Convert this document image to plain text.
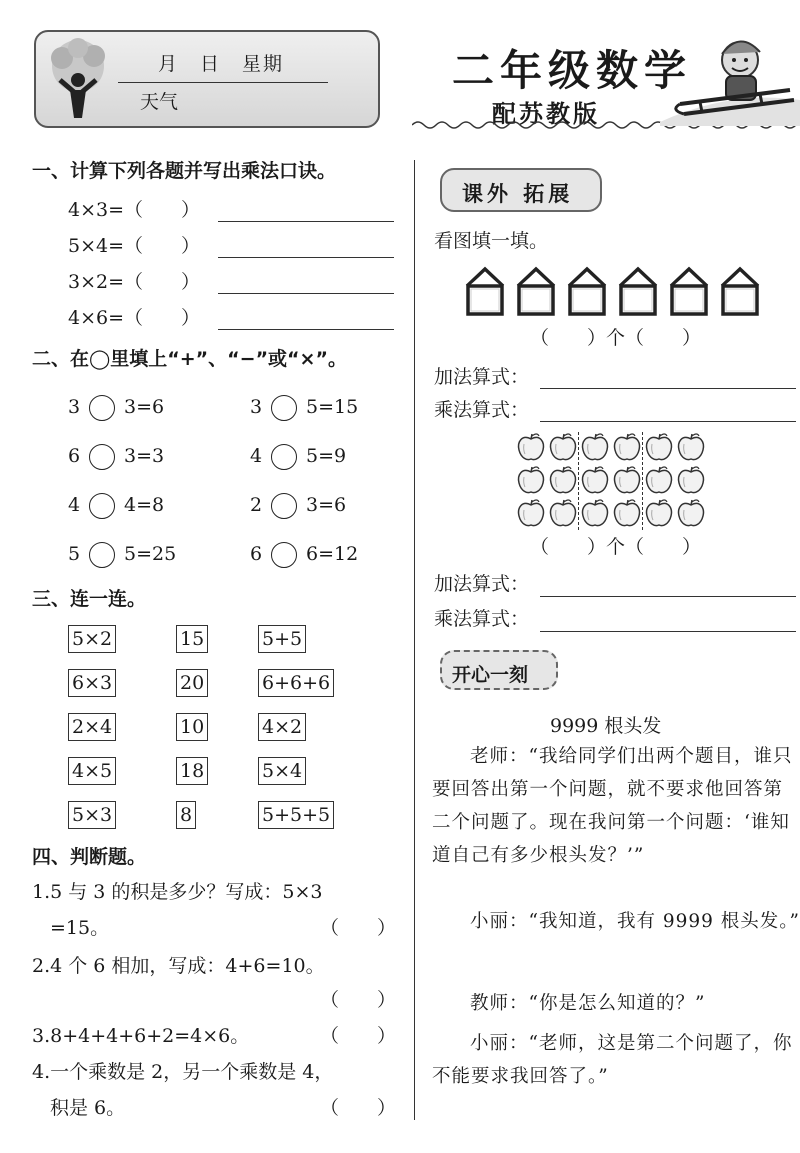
月　日　星期
天气
二年级数学
配苏教版
一、计算下列各题并写出乘法口诀。
4×3=（　　）
5×4=（　　）
3×2=（　　）
4×6=（　　）
二、在◯里填上“+”、“−”或“×”。
3 3=6	3 5=15
6 3=3	4 5=9
4 4=8	2 3=6
5 5=25	6 6=12
三、连一连。
5×2	15	5+5
6×3	20	6+6+6
2×4	10	4×2
4×5	18	5×4
5×3	8	5+5+5
四、判断题。
1.5 与 3 的积是多少？写成：5×3
=15。	（　　）
2.4 个 6 相加，写成：4+6=10。
（　　）
3.8+4+4+6+2=4×6。	（　　）
4.一个乘数是 2，另一个乘数是 4，
积是 6。	（　　）
课外 拓展
看图填一填。
（　　）个（　　）
加法算式：
乘法算式：
（　　）个（　　）
加法算式：
乘法算式：
开心一刻
9999 根头发
老师：“我给同学们出两个题目，谁只要回答出第一个问题，就不要求他回答第二个问题了。现在我问第一个问题：‘谁知道自己有多少根头发？’”
小丽：“我知道，我有 9999 根头发。”
教师：“你是怎么知道的？”
小丽：“老师，这是第二个问题了，你不能要求我回答了。”
